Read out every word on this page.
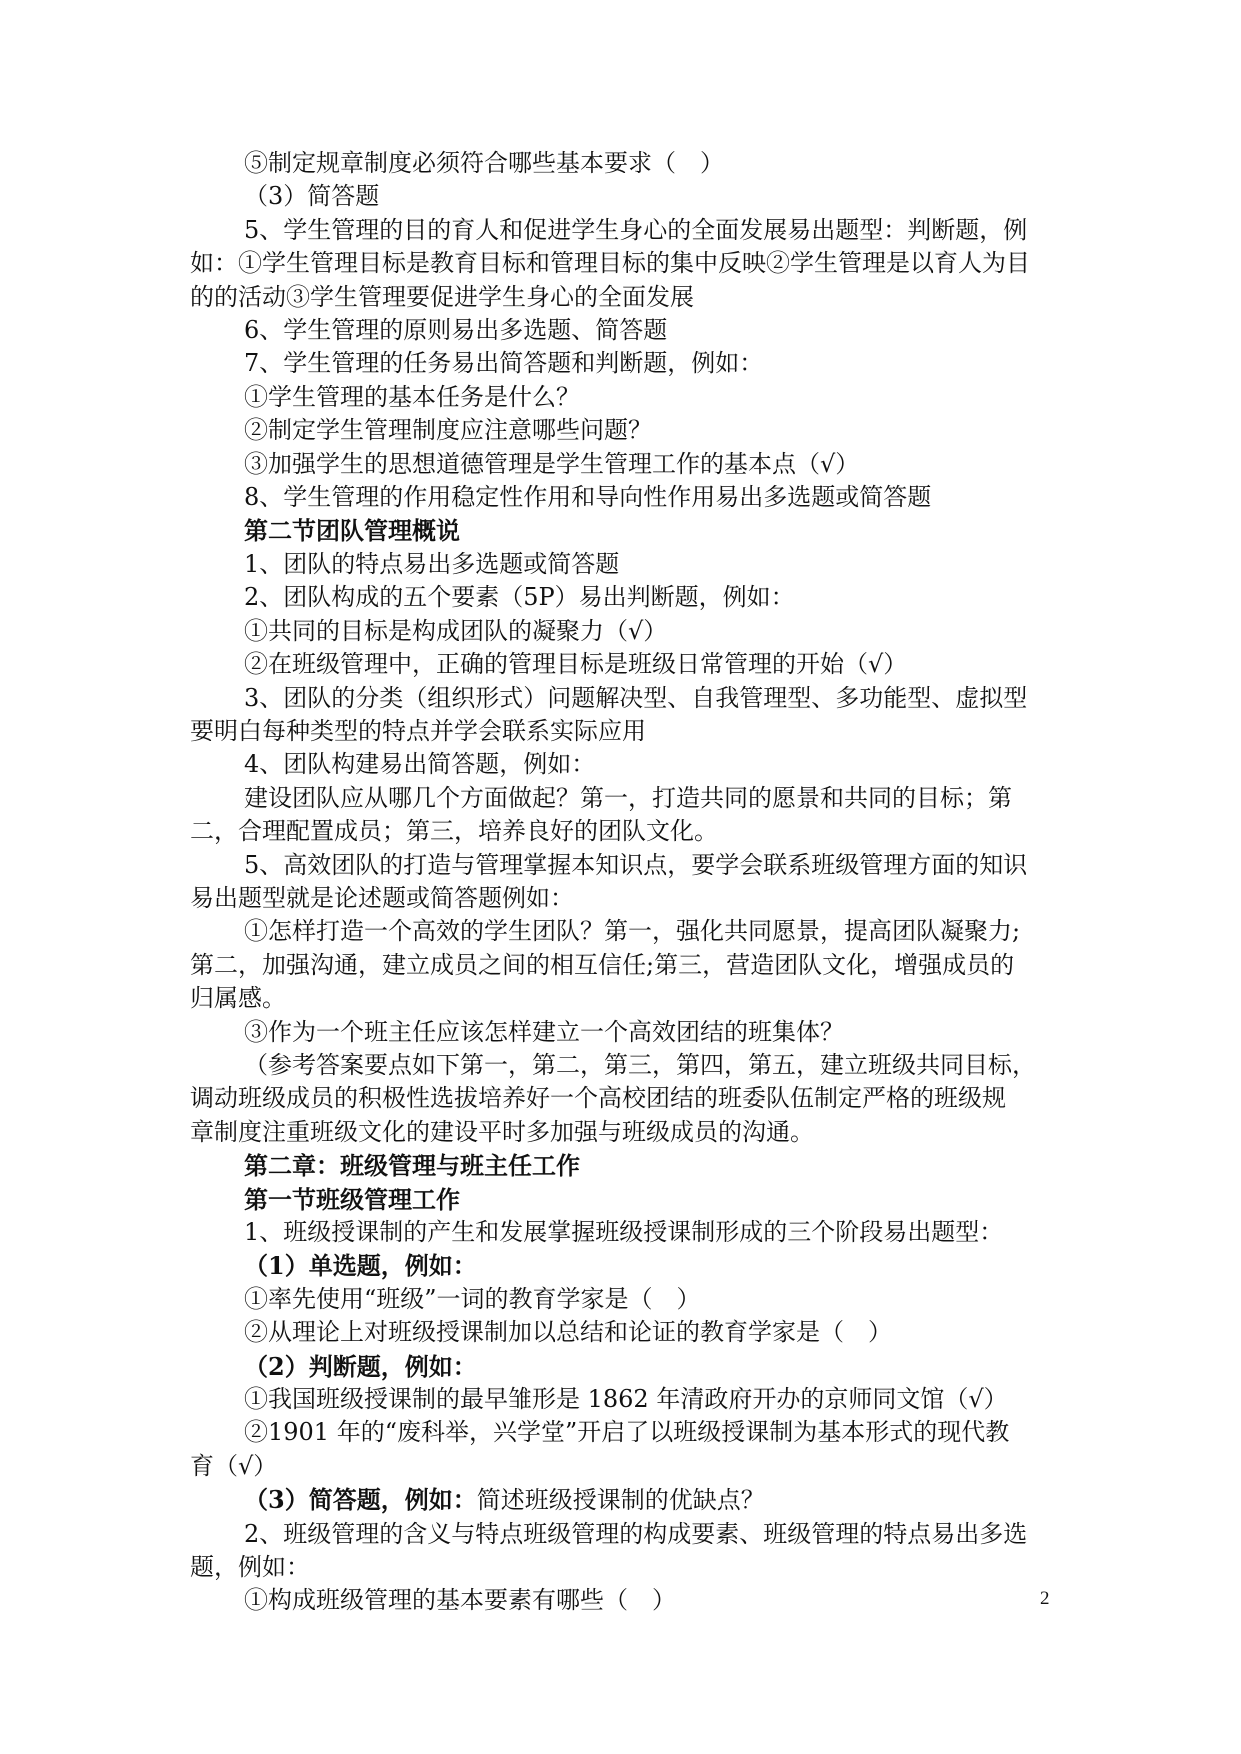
⑤制定规章制度必须符合哪些基本要求（　）

（3）简答题

5、学生管理的目的育人和促进学生身心的全面发展易出题型：判断题，例

如：①学生管理目标是教育目标和管理目标的集中反映②学生管理是以育人为目

的的活动③学生管理要促进学生身心的全面发展

6、学生管理的原则易出多选题、简答题

7、学生管理的任务易出简答题和判断题，例如：

①学生管理的基本任务是什么？

②制定学生管理制度应注意哪些问题？

③加强学生的思想道德管理是学生管理工作的基本点（√）

8、学生管理的作用稳定性作用和导向性作用易出多选题或简答题

第二节团队管理概说

1、团队的特点易出多选题或简答题

2、团队构成的五个要素（5P）易出判断题，例如：

①共同的目标是构成团队的凝聚力（√）

②在班级管理中，正确的管理目标是班级日常管理的开始（√）

3、团队的分类（组织形式）问题解决型、自我管理型、多功能型、虚拟型

要明白每种类型的特点并学会联系实际应用

4、团队构建易出简答题，例如：

建设团队应从哪几个方面做起？第一，打造共同的愿景和共同的目标；第

二，合理配置成员；第三，培养良好的团队文化。

5、高效团队的打造与管理掌握本知识点，要学会联系班级管理方面的知识

易出题型就是论述题或简答题例如：

①怎样打造一个高效的学生团队？第一，强化共同愿景，提高团队凝聚力;

第二，加强沟通，建立成员之间的相互信任;第三，营造团队文化，增强成员的

归属感。

③作为一个班主任应该怎样建立一个高效团结的班集体？

（参考答案要点如下第一，第二，第三，第四，第五，建立班级共同目标，

调动班级成员的积极性选拔培养好一个高校团结的班委队伍制定严格的班级规

章制度注重班级文化的建设平时多加强与班级成员的沟通。

第二章：班级管理与班主任工作

第一节班级管理工作

1、班级授课制的产生和发展掌握班级授课制形成的三个阶段易出题型：

（1）单选题，例如：

①率先使用“班级”一词的教育学家是（　）

②从理论上对班级授课制加以总结和论证的教育学家是（　）

（2）判断题，例如：

①我国班级授课制的最早雏形是 1862 年清政府开办的京师同文馆（√）

②1901 年的“废科举，兴学堂”开启了以班级授课制为基本形式的现代教

育（√）

（3）简答题，例如：简述班级授课制的优缺点？

2、班级管理的含义与特点班级管理的构成要素、班级管理的特点易出多选

题，例如：

①构成班级管理的基本要素有哪些（　）	2
